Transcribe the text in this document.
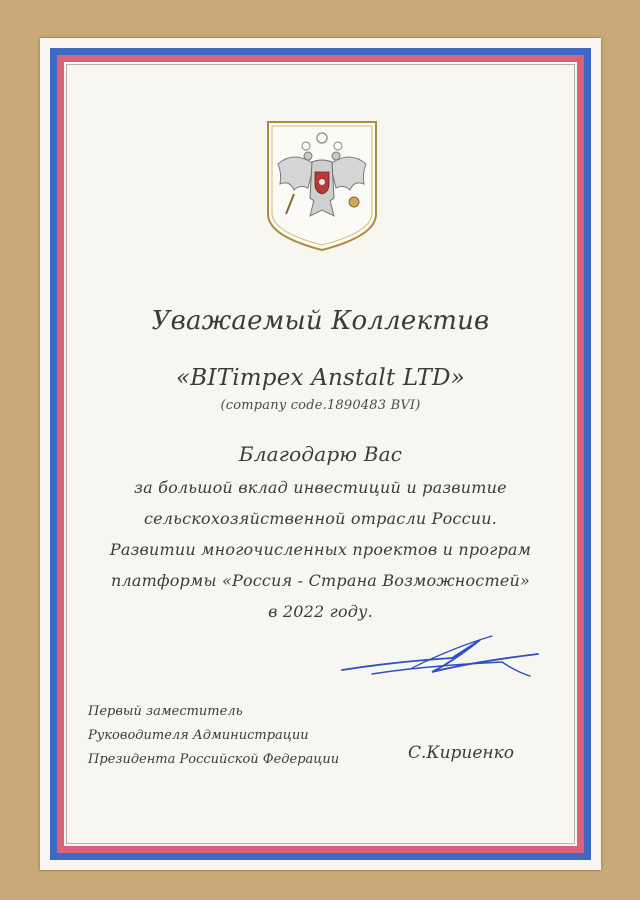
Уважаемый Коллектив
«BITimpex Anstalt LTD»
(company code.1890483 BVI)
Благодарю Вас
за большой вклад инвестиций и развитие
сельскохозяйственной отрасли России.
Развитии многочисленных проектов и програм
платформы «Россия - Страна Возможностей»
в 2022 году.
Первый заместитель
Руководителя Администрации
Президента Российской Федерации	С.Кириенко
